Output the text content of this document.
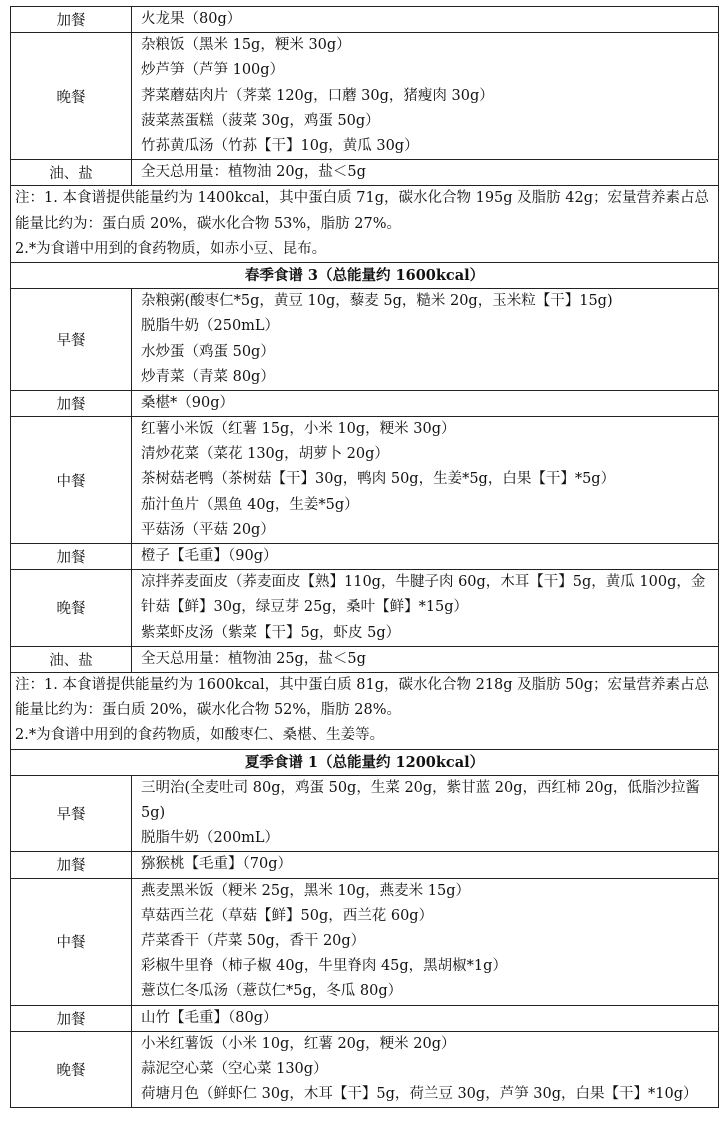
加餐	火龙果（80g）

晚餐	杂粮饭（黑米 15g，粳米 30g）
炒芦笋（芦笋 100g）
荠菜蘑菇肉片（荠菜 120g，口蘑 30g，猪瘦肉 30g）
菠菜蒸蛋糕（菠菜 30g，鸡蛋 50g）
竹荪黄瓜汤（竹荪【干】10g，黄瓜 30g）

油、盐	全天总用量：植物油 20g，盐＜5g

注：1. 本食谱提供能量约为 1400kcal，其中蛋白质 71g，碳水化合物 195g 及脂肪 42g；宏量营养素占总能量比约为：蛋白质 20%，碳水化合物 53%，脂肪 27%。
2.*为食谱中用到的食药物质，如赤小豆、昆布。	

春季食谱 3（总能量约 1600kcal）	
早餐	杂粮粥(酸枣仁*5g，黄豆 10g，藜麦 5g，糙米 20g，玉米粒【干】15g)
脱脂牛奶（250mL）
水炒蛋（鸡蛋 50g）
炒青菜（青菜 80g）

加餐	桑椹*（90g）

中餐	红薯小米饭（红薯 15g，小米 10g，粳米 30g）
清炒花菜（菜花 130g，胡萝卜 20g）
茶树菇老鸭（茶树菇【干】30g，鸭肉 50g，生姜*5g，白果【干】*5g）
茄汁鱼片（黑鱼 40g，生姜*5g）
平菇汤（平菇 20g）

加餐	橙子【毛重】（90g）

晚餐	凉拌荞麦面皮（荞麦面皮【熟】110g，牛腱子肉 60g，木耳【干】5g，黄瓜 100g，金针菇【鲜】30g，绿豆芽 25g，桑叶【鲜】*15g）
紫菜虾皮汤（紫菜【干】5g，虾皮 5g）

油、盐	全天总用量：植物油 25g，盐＜5g

注：1. 本食谱提供能量约为 1600kcal，其中蛋白质 81g，碳水化合物 218g 及脂肪 50g；宏量营养素占总能量比约为：蛋白质 20%，碳水化合物 52%，脂肪 28%。
2.*为食谱中用到的食药物质，如酸枣仁、桑椹、生姜等。	

夏季食谱 1（总能量约 1200kcal）	
早餐	三明治(全麦吐司 80g，鸡蛋 50g，生菜 20g，紫甘蓝 20g，西红柿 20g，低脂沙拉酱 5g)
脱脂牛奶（200mL）

加餐	猕猴桃【毛重】（70g）

中餐	燕麦黑米饭（粳米 25g，黑米 10g，燕麦米 15g）
草菇西兰花（草菇【鲜】50g，西兰花 60g）
芹菜香干（芹菜 50g，香干 20g）
彩椒牛里脊（柿子椒 40g，牛里脊肉 45g，黑胡椒*1g）
薏苡仁冬瓜汤（薏苡仁*5g，冬瓜 80g）

加餐	山竹【毛重】（80g）

晚餐	小米红薯饭（小米 10g，红薯 20g，粳米 20g）
蒜泥空心菜（空心菜 130g）
荷塘月色（鲜虾仁 30g，木耳【干】5g，荷兰豆 30g，芦笋 30g，白果【干】*10g）
